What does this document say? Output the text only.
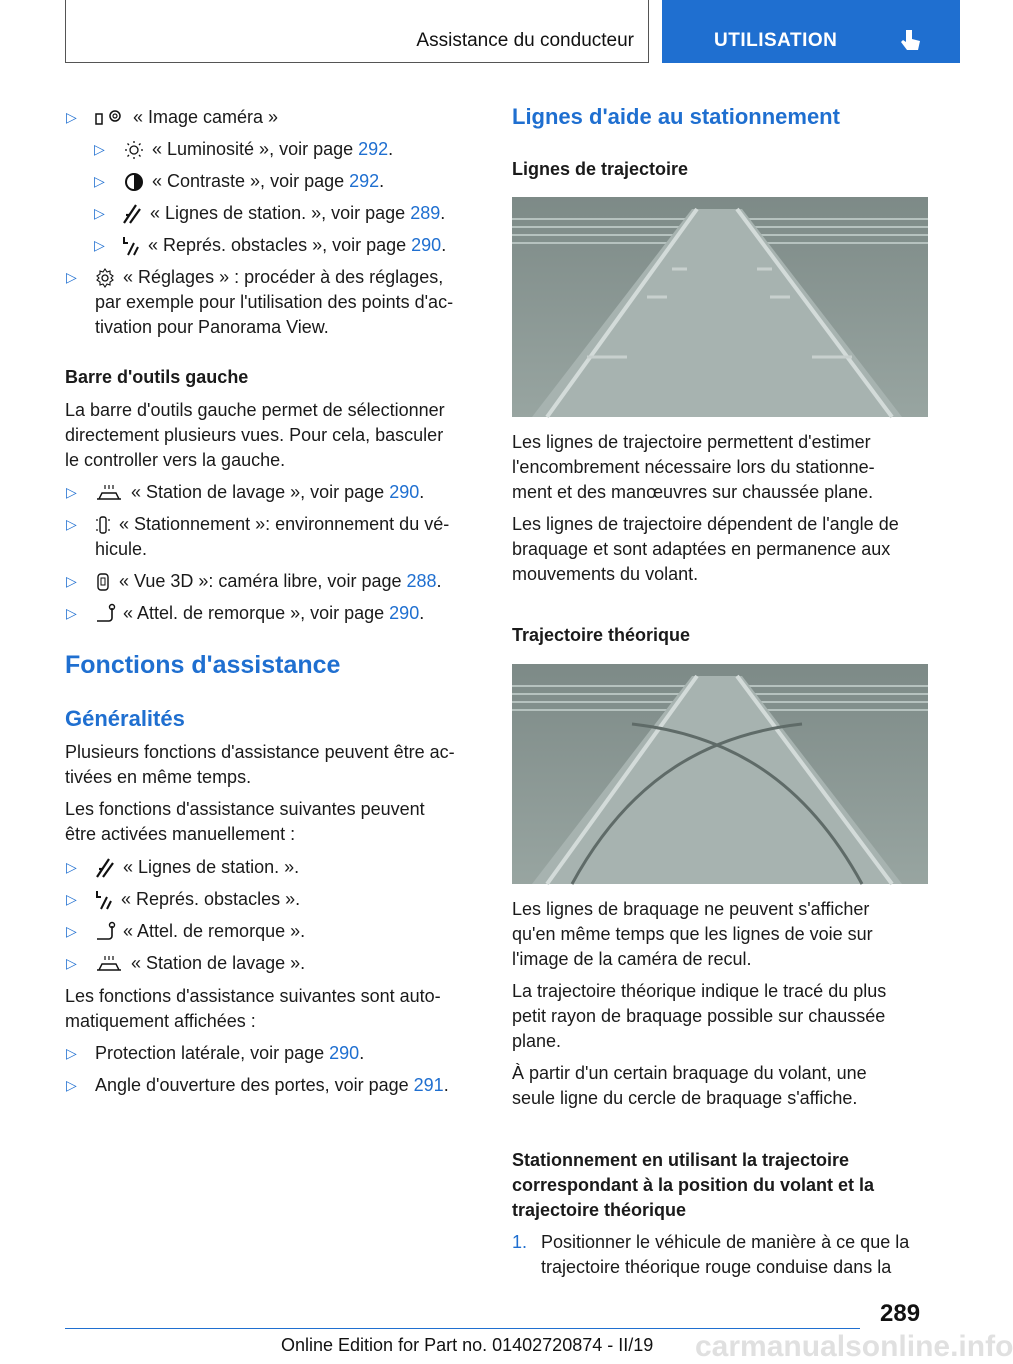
Assistance du conducteur	UTILISATION
▷	« Image caméra »
▷	« Luminosité », voir page 292.
▷	« Contraste », voir page 292.
▷	« Lignes de station. », voir page 289.
▷	« Représ. obstacles », voir page 290.
▷	« Réglages » : procéder à des réglages,
par exemple pour l'utilisation des points d'ac-
tivation pour Panorama View.
Barre d'outils gauche
La barre d'outils gauche permet de sélectionner
directement plusieurs vues. Pour cela, basculer
le controller vers la gauche.
▷	« Station de lavage », voir page 290.
▷	« Stationnement »: environnement du vé-
hicule.
▷	« Vue 3D »: caméra libre, voir page 288.
▷	« Attel. de remorque », voir page 290.
Fonctions d'assistance
Généralités
Plusieurs fonctions d'assistance peuvent être ac-
tivées en même temps.
Les fonctions d'assistance suivantes peuvent
être activées manuellement :
▷	« Lignes de station. ».
▷	« Représ. obstacles ».
▷	« Attel. de remorque ».
▷	« Station de lavage ».
Les fonctions d'assistance suivantes sont auto-
matiquement affichées :
▷ Protection latérale, voir page 290.
▷ Angle d'ouverture des portes, voir page 291.
Lignes d'aide au stationnement
Lignes de trajectoire
Les lignes de trajectoire permettent d'estimer
l'encombrement nécessaire lors du stationne-
ment et des manœuvres sur chaussée plane.
Les lignes de trajectoire dépendent de l'angle de
braquage et sont adaptées en permanence aux
mouvements du volant.
Trajectoire théorique
Les lignes de braquage ne peuvent s'afficher
qu'en même temps que les lignes de voie sur
l'image de la caméra de recul.
La trajectoire théorique indique le tracé du plus
petit rayon de braquage possible sur chaussée
plane.
À partir d'un certain braquage du volant, une
seule ligne du cercle de braquage s'affiche.
Stationnement en utilisant la trajectoire
correspondant à la position du volant et la
trajectoire théorique
1. Positionner le véhicule de manière à ce que la
trajectoire théorique rouge conduise dans la
289
Online Edition for Part no. 01402720874 - II/19 carmanualsonline.info
